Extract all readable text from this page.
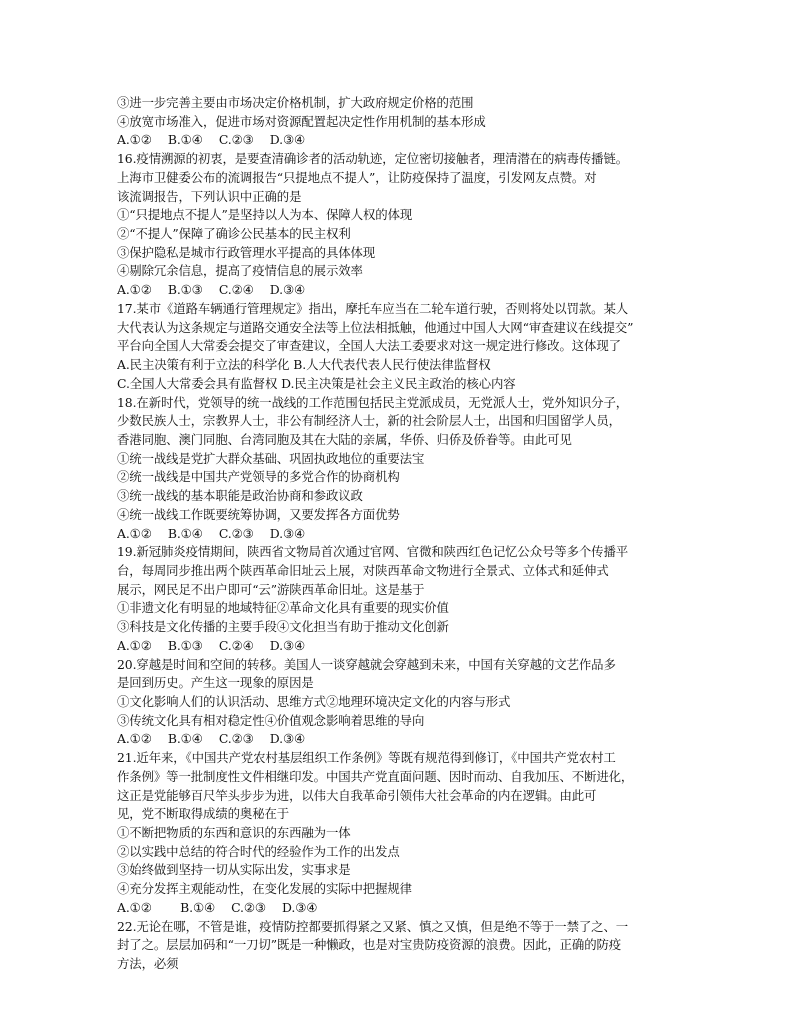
③进一步完善主要由市场决定价格机制，扩大政府规定价格的范围
④放宽市场准入，促进市场对资源配置起决定性作用机制的基本形成
A.①②　 B.①④　 C.②③　 D.③④
16.疫情溯源的初衷，是要查清确诊者的活动轨迹，定位密切接触者，理清潜在的病毒传播链。
上海市卫健委公布的流调报告“只提地点不提人”，让防疫保持了温度，引发网友点赞。对
该流调报告，下列认识中正确的是
①“只提地点不提人”是坚持以人为本、保障人权的体现
②“不提人”保障了确诊公民基本的民主权利
③保护隐私是城市行政管理水平提高的具体体现
④剔除冗余信息，提高了疫情信息的展示效率
A.①②　 B.①③　 C.②④　 D.③④
17.某市《道路车辆通行管理规定》指出，摩托车应当在二轮车道行驶，否则将处以罚款。某人
大代表认为这条规定与道路交通安全法等上位法相抵触，他通过中国人大网“审查建议在线提交”
平台向全国人大常委会提交了审查建议，全国人大法工委要求对这一规定进行修改。这体现了
A.民主决策有利于立法的科学化 B.人大代表代表人民行使法律监督权
C.全国人大常委会具有监督权 D.民主决策是社会主义民主政治的核心内容
18.在新时代，党领导的统一战线的工作范围包括民主党派成员，无党派人士，党外知识分子，
少数民族人士，宗教界人士，非公有制经济人士，新的社会阶层人士，出国和归国留学人员，
香港同胞、澳门同胞、台湾同胞及其在大陆的亲属，华侨、归侨及侨眷等。由此可见
①统一战线是党扩大群众基础、巩固执政地位的重要法宝
②统一战线是中国共产党领导的多党合作的协商机构
③统一战线的基本职能是政治协商和参政议政
④统一战线工作既要统筹协调，又要发挥各方面优势
A.①②　 B.①④　 C.②③　 D.③④
19.新冠肺炎疫情期间，陕西省文物局首次通过官网、官微和陕西红色记忆公众号等多个传播平
台，每周同步推出两个陕西革命旧址云上展，对陕西革命文物进行全景式、立体式和延伸式
展示，网民足不出户即可“云”游陕西革命旧址。这是基于
①非遗文化有明显的地域特征②革命文化具有重要的现实价值
③科技是文化传播的主要手段④文化担当有助于推动文化创新
A.①②　 B.①③　 C.②④　 D.③④
20.穿越是时间和空间的转移。美国人一谈穿越就会穿越到未来，中国有关穿越的文艺作品多
是回到历史。产生这一现象的原因是
①文化影响人们的认识活动、思维方式②地理环境决定文化的内容与形式
③传统文化具有相对稳定性④价值观念影响着思维的导向
A.①②　 B.①④　 C.②③　 D.③④
21.近年来，《中国共产党农村基层组织工作条例》等既有规范得到修订，《中国共产党农村工
作条例》等一批制度性文件相继印发。中国共产党直面问题、因时而动、自我加压、不断进化，
这正是党能够百尺竿头步步为进，以伟大自我革命引领伟大社会革命的内在逻辑。由此可
见，党不断取得成绩的奥秘在于
①不断把物质的东西和意识的东西融为一体
②以实践中总结的符合时代的经验作为工作的出发点
③始终做到坚持一切从实际出发，实事求是
④充分发挥主观能动性，在变化发展的实际中把握规律
A.①②　 　B.①④　 C.②③　 D.③④
22.无论在哪，不管是谁，疫情防控都要抓得紧之又紧、慎之又慎，但是绝不等于一禁了之、一
封了之。层层加码和“一刀切”既是一种懒政，也是对宝贵防疫资源的浪费。因此，正确的防疫
方法，必须
